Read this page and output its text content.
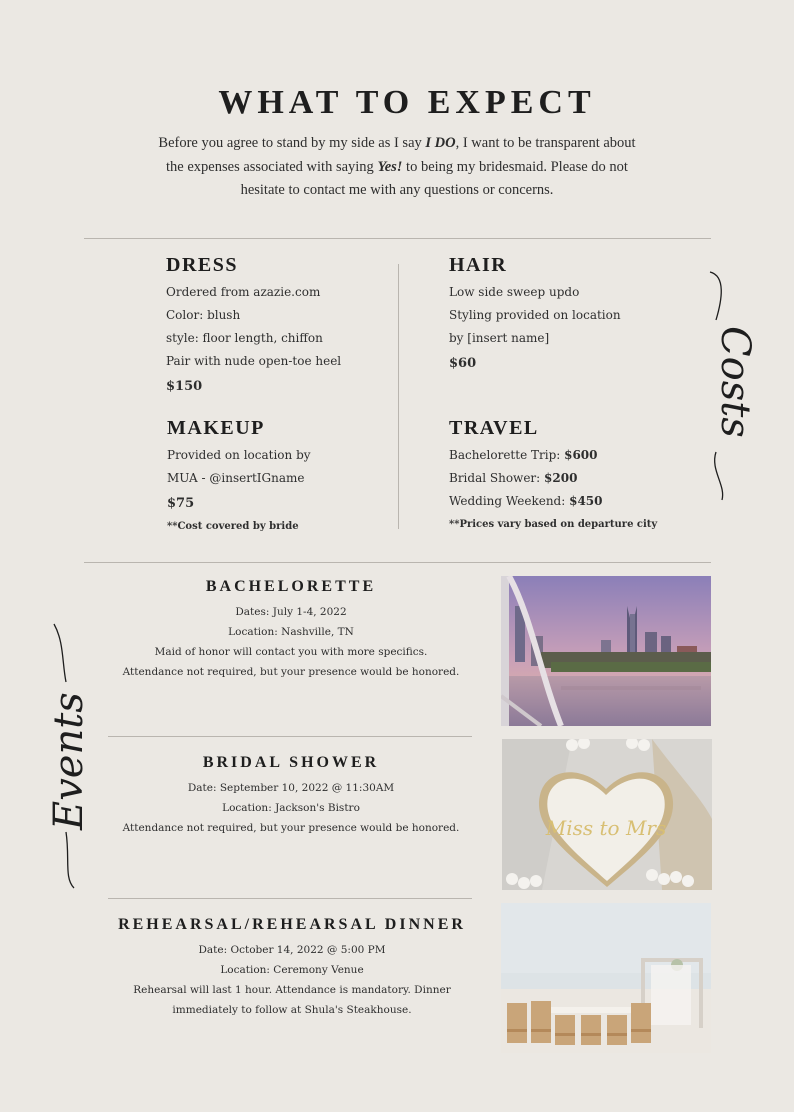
WHAT TO EXPECT
Before you agree to stand by my side as I say I DO, I want to be transparent about the expenses associated with saying Yes! to being my bridesmaid. Please do not hesitate to contact me with any questions or concerns.
DRESS
Ordered from azazie.com
Color: blush
style: floor length, chiffon
Pair with nude open-toe heel
$150
HAIR
Low side sweep updo
Styling provided on location
by [insert name]
$60
MAKEUP
Provided on location by
MUA - @insertIGname
$75
**Cost covered by bride
TRAVEL
Bachelorette Trip: $600
Bridal Shower: $200
Wedding Weekend: $450
**Prices vary based on departure city
Costs
Events
BACHELORETTE
Dates: July 1-4, 2022
Location: Nashville, TN
Maid of honor will contact you with more specifics.
Attendance not required, but your presence would be honored.
BRIDAL SHOWER
Date: September 10, 2022 @ 11:30AM
Location: Jackson's Bistro
Attendance not required, but your presence would be honored.
REHEARSAL/REHEARSAL DINNER
Date: October 14, 2022 @ 5:00 PM
Location: Ceremony Venue
Rehearsal will last 1 hour. Attendance is mandatory. Dinner immediately to follow at Shula's Steakhouse.
Miss to Mrs
